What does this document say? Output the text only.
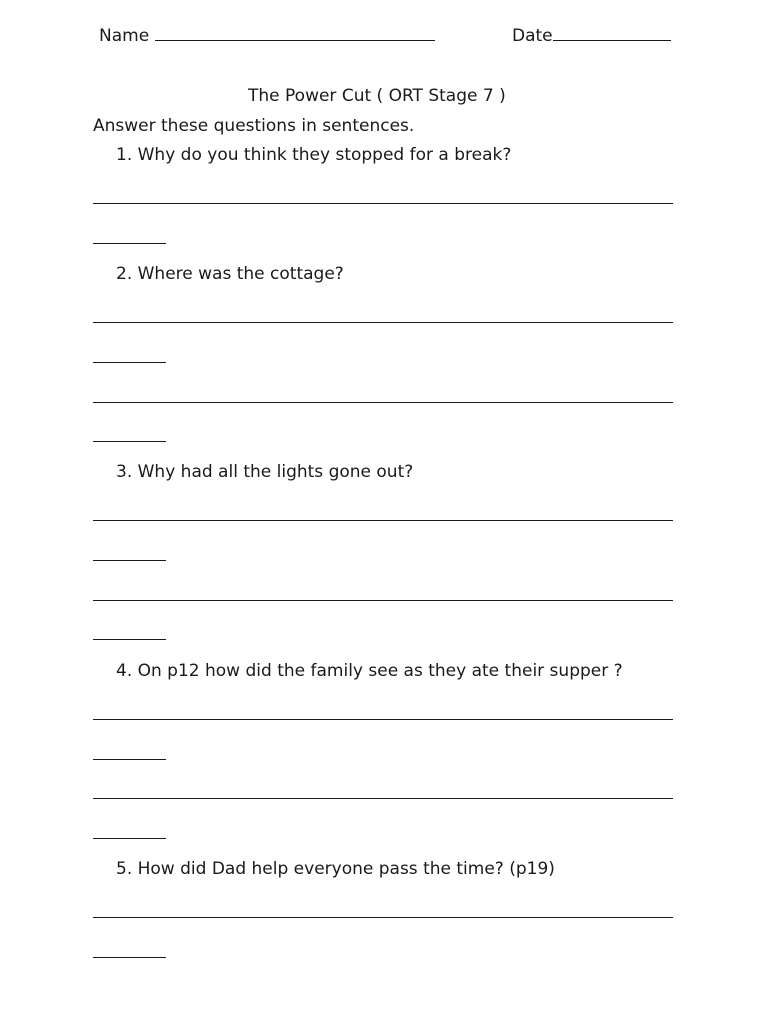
Name	Date
The Power Cut ( ORT Stage 7 )
Answer these questions in sentences.
1. Why do you think they stopped for a break?
2. Where was the cottage?
3. Why had all the lights gone out?
4. On p12 how did the family see as they ate their supper ?
5. How did Dad help everyone pass the time? (p19)
